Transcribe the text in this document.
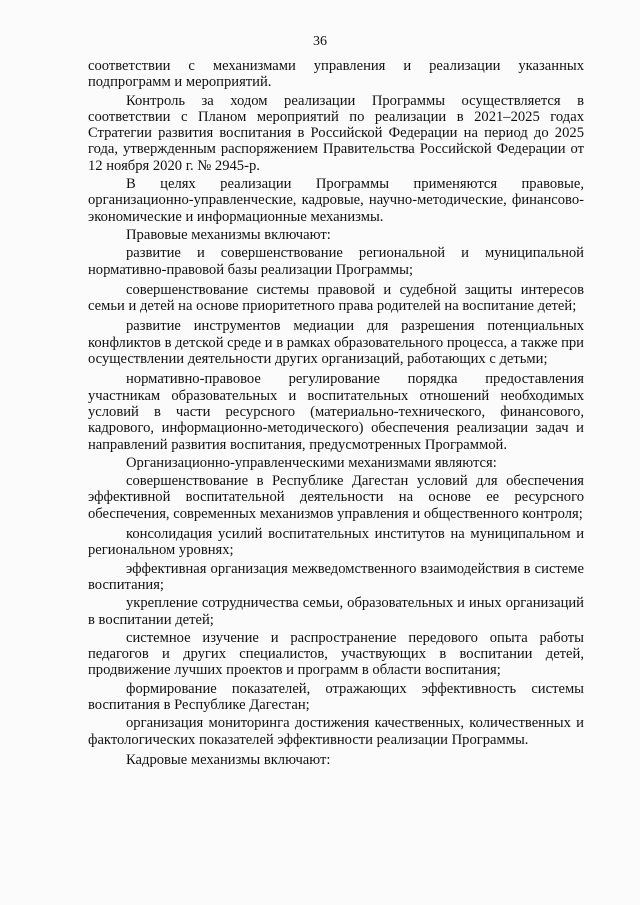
36

соответствии с механизмами управления и реализации указанных подпрограмм и мероприятий.

Контроль за ходом реализации Программы осуществляется в соответствии с Планом мероприятий по реализации в 2021–2025 годах Стратегии развития воспитания в Российской Федерации на период до 2025 года, утвержденным распоряжением Правительства Российской Федерации от 12 ноября 2020 г. № 2945-р.

В целях реализации Программы применяются правовые, организационно-управленческие, кадровые, научно-методические, финансово-экономические и информационные механизмы.

Правовые механизмы включают:

развитие и совершенствование региональной и муниципальной нормативно-правовой базы реализации Программы;

совершенствование системы правовой и судебной защиты интересов семьи и детей на основе приоритетного права родителей на воспитание детей;

развитие инструментов медиации для разрешения потенциальных конфликтов в детской среде и в рамках образовательного процесса, а также при осуществлении деятельности других организаций, работающих с детьми;

нормативно-правовое регулирование порядка предоставления участникам образовательных и воспитательных отношений необходимых условий в части ресурсного (материально-технического, финансового, кадрового, информационно-методического) обеспечения реализации задач и направлений развития воспитания, предусмотренных Программой.

Организационно-управленческими механизмами являются:

совершенствование в Республике Дагестан условий для обеспечения эффективной воспитательной деятельности на основе ее ресурсного обеспечения, современных механизмов управления и общественного контроля;

консолидация усилий воспитательных институтов на муниципальном и региональном уровнях;

эффективная организация межведомственного взаимодействия в системе воспитания;

укрепление сотрудничества семьи, образовательных и иных организаций в воспитании детей;

системное изучение и распространение передового опыта работы педагогов и других специалистов, участвующих в воспитании детей, продвижение лучших проектов и программ в области воспитания;

формирование показателей, отражающих эффективность системы воспитания в Республике Дагестан;

организация мониторинга достижения качественных, количественных и фактологических показателей эффективности реализации Программы.

Кадровые механизмы включают:
